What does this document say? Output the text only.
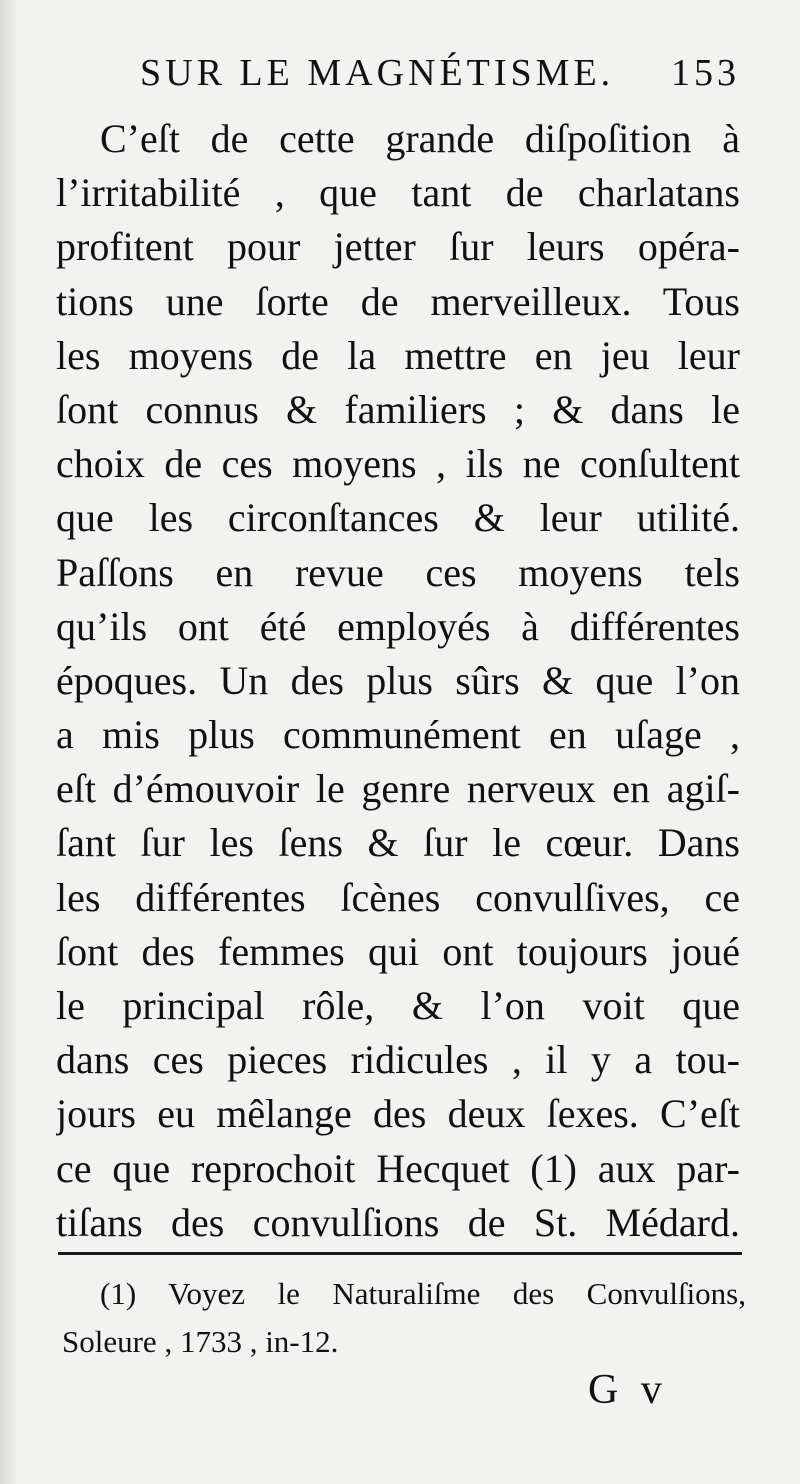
SUR LE MAGNÉTISME. 153
C’eſt de cette grande diſpoſition à
l’irritabilité , que tant de charlatans
profitent pour jetter ſur leurs opéra-
tions une ſorte de merveilleux. Tous
les moyens de la mettre en jeu leur
ſont connus & familiers ; & dans le
choix de ces moyens , ils ne conſultent
que les circonſtances & leur utilité.
Paſſons en revue ces moyens tels
qu’ils ont été employés à différentes
époques. Un des plus sûrs & que l’on
a mis plus communément en uſage ,
eſt d’émouvoir le genre nerveux en agiſ-
ſant ſur les ſens & ſur le cœur. Dans
les différentes ſcènes convulſives, ce
ſont des femmes qui ont toujours joué
le principal rôle, & l’on voit que
dans ces pieces ridicules , il y a tou-
jours eu mêlange des deux ſexes. C’eſt
ce que reprochoit Hecquet (1) aux par-
tiſans des convulſions de St. Médard.
(1) Voyez le Naturaliſme des Convulſions,
Soleure , 1733 , in-12.
G v
